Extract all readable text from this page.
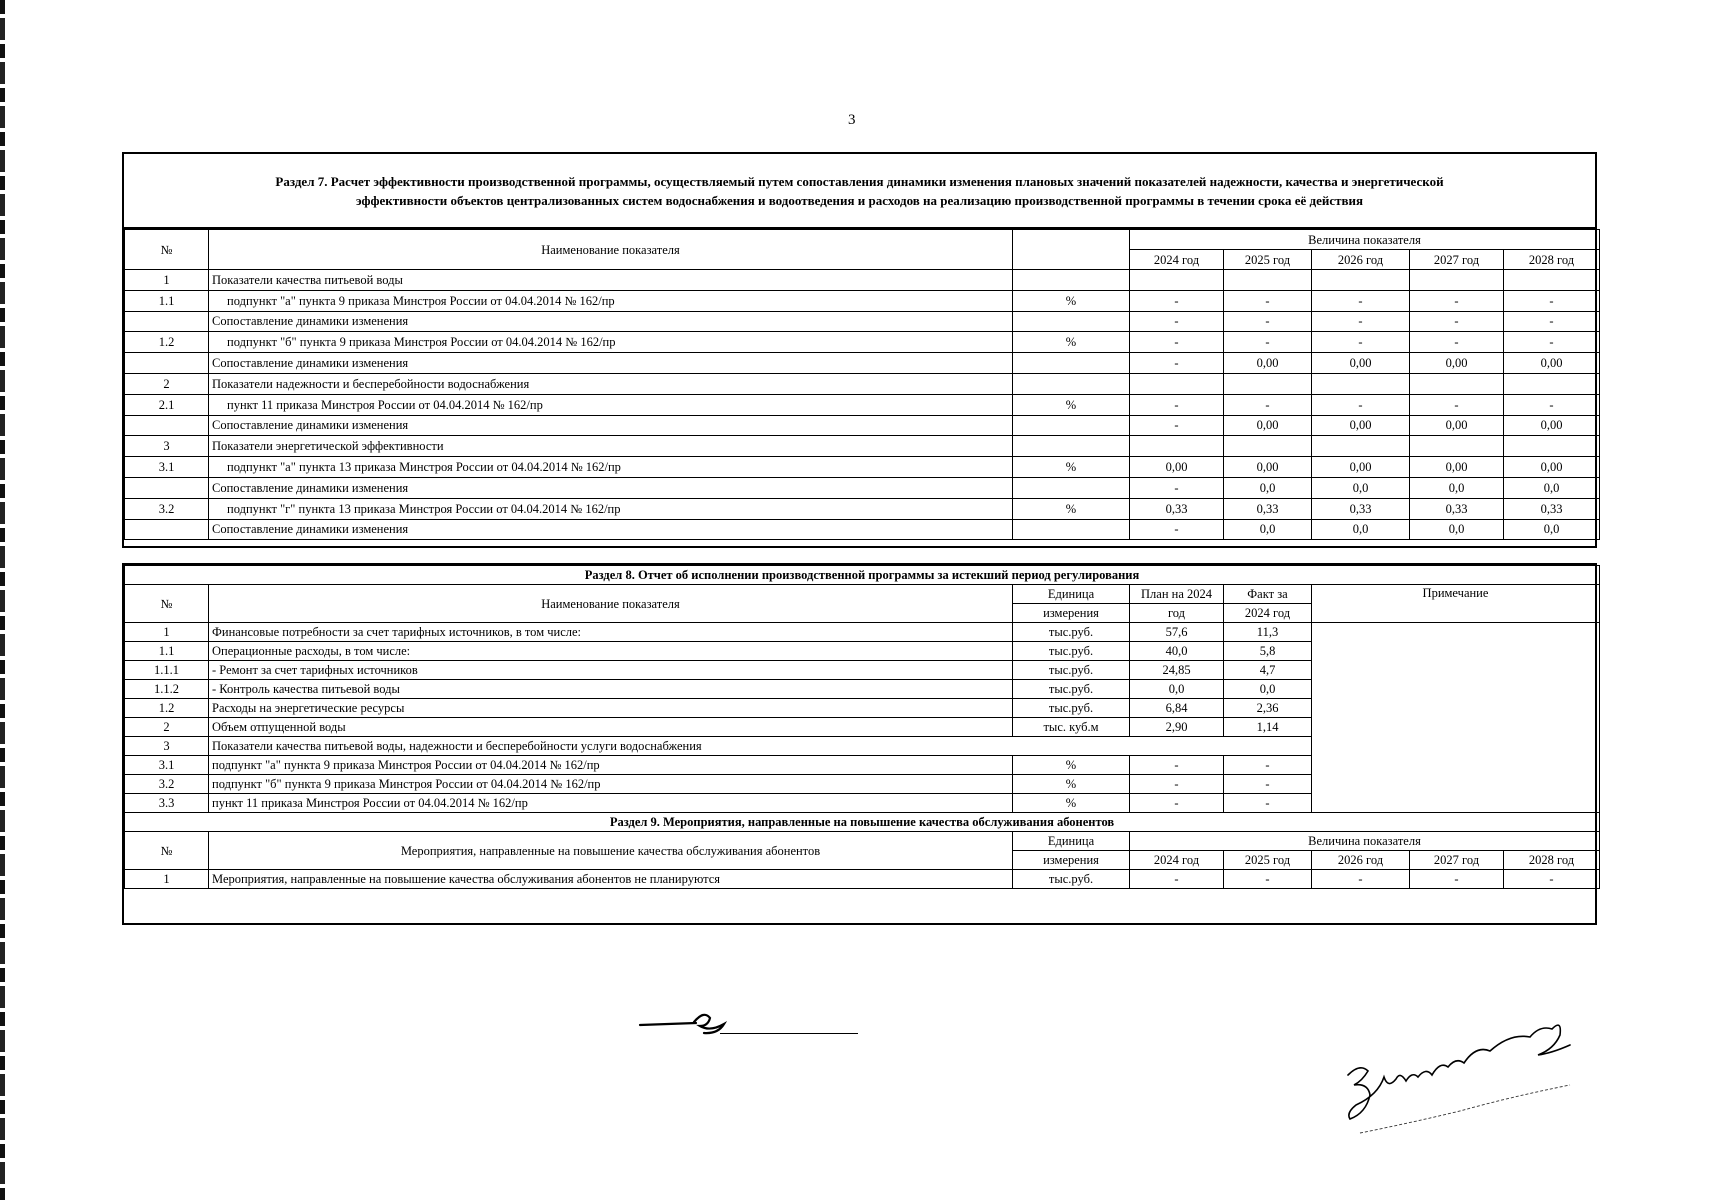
3
Раздел 7. Расчет эффективности производственной программы, осуществляемый путем сопоставления динамики изменения плановых значений показателей надежности, качества и энергетической
эффективности объектов централизованных систем водоснабжения и водоотведения и расходов на реализацию производственной программы в течении срока её действия
№	Наименование показателя		Величина показателя				
			2024 год	2025 год	2026 год	2027 год	2028 год
1	Показатели качества питьевой воды						
1.1	подпункт "а" пункта 9 приказа Минстроя России от 04.04.2014 № 162/пр	%	-	-	-	-	-
	Сопоставление динамики изменения		-	-	-	-	-
1.2	подпункт "б" пункта 9 приказа Минстроя России от 04.04.2014 № 162/пр	%	-	-	-	-	-
	Сопоставление динамики изменения		-	0,00	0,00	0,00	0,00
2	Показатели надежности и бесперебойности водоснабжения						
2.1	пункт 11 приказа Минстроя России от 04.04.2014 № 162/пр	%	-	-	-	-	-
	Сопоставление динамики изменения		-	0,00	0,00	0,00	0,00
3	Показатели энергетической эффективности						
3.1	подпункт "а" пункта 13 приказа Минстроя России от 04.04.2014 № 162/пр	%	0,00	0,00	0,00	0,00	0,00
	Сопоставление динамики изменения		-	0,0	0,0	0,0	0,0
3.2	подпункт "г" пункта 13 приказа Минстроя России от 04.04.2014 № 162/пр	%	0,33	0,33	0,33	0,33	0,33
	Сопоставление динамики изменения		-	0,0	0,0	0,0	0,0
Раздел 8. Отчет об исполнении производственной программы за истекший период регулирования							
№	Наименование показателя	Единица	План на 2024	Факт за	Примечание		
		измерения	год	2024 год			
1	Финансовые потребности за счет тарифных источников, в том числе:	тыс.руб.	57,6	11,3			
1.1	Операционные расходы, в том числе:	тыс.руб.	40,0	5,8			
1.1.1	- Ремонт за счет тарифных источников	тыс.руб.	24,85	4,7			
1.1.2	- Контроль качества питьевой воды	тыс.руб.	0,0	0,0			
1.2	Расходы на энергетические ресурсы	тыс.руб.	6,84	2,36			
2	Объем отпущенной воды	тыс. куб.м	2,90	1,14			
3	Показатели качества питьевой воды, надежности и бесперебойности услуги водоснабжения						
3.1	подпункт "а" пункта 9 приказа Минстроя России от 04.04.2014 № 162/пр	%	-	-			
3.2	подпункт "б" пункта 9 приказа Минстроя России от 04.04.2014 № 162/пр	%	-	-			
3.3	пункт 11 приказа Минстроя России от 04.04.2014 № 162/пр	%	-	-			
Раздел 9. Мероприятия, направленные на повышение качества обслуживания абонентов							
№	Мероприятия, направленные на повышение качества обслуживания абонентов	Единица	Величина показателя				
		измерения	2024 год	2025 год	2026 год	2027 год	2028 год
1	Мероприятия, направленные на повышение качества обслуживания абонентов не планируются	тыс.руб.	-	-	-	-	-
